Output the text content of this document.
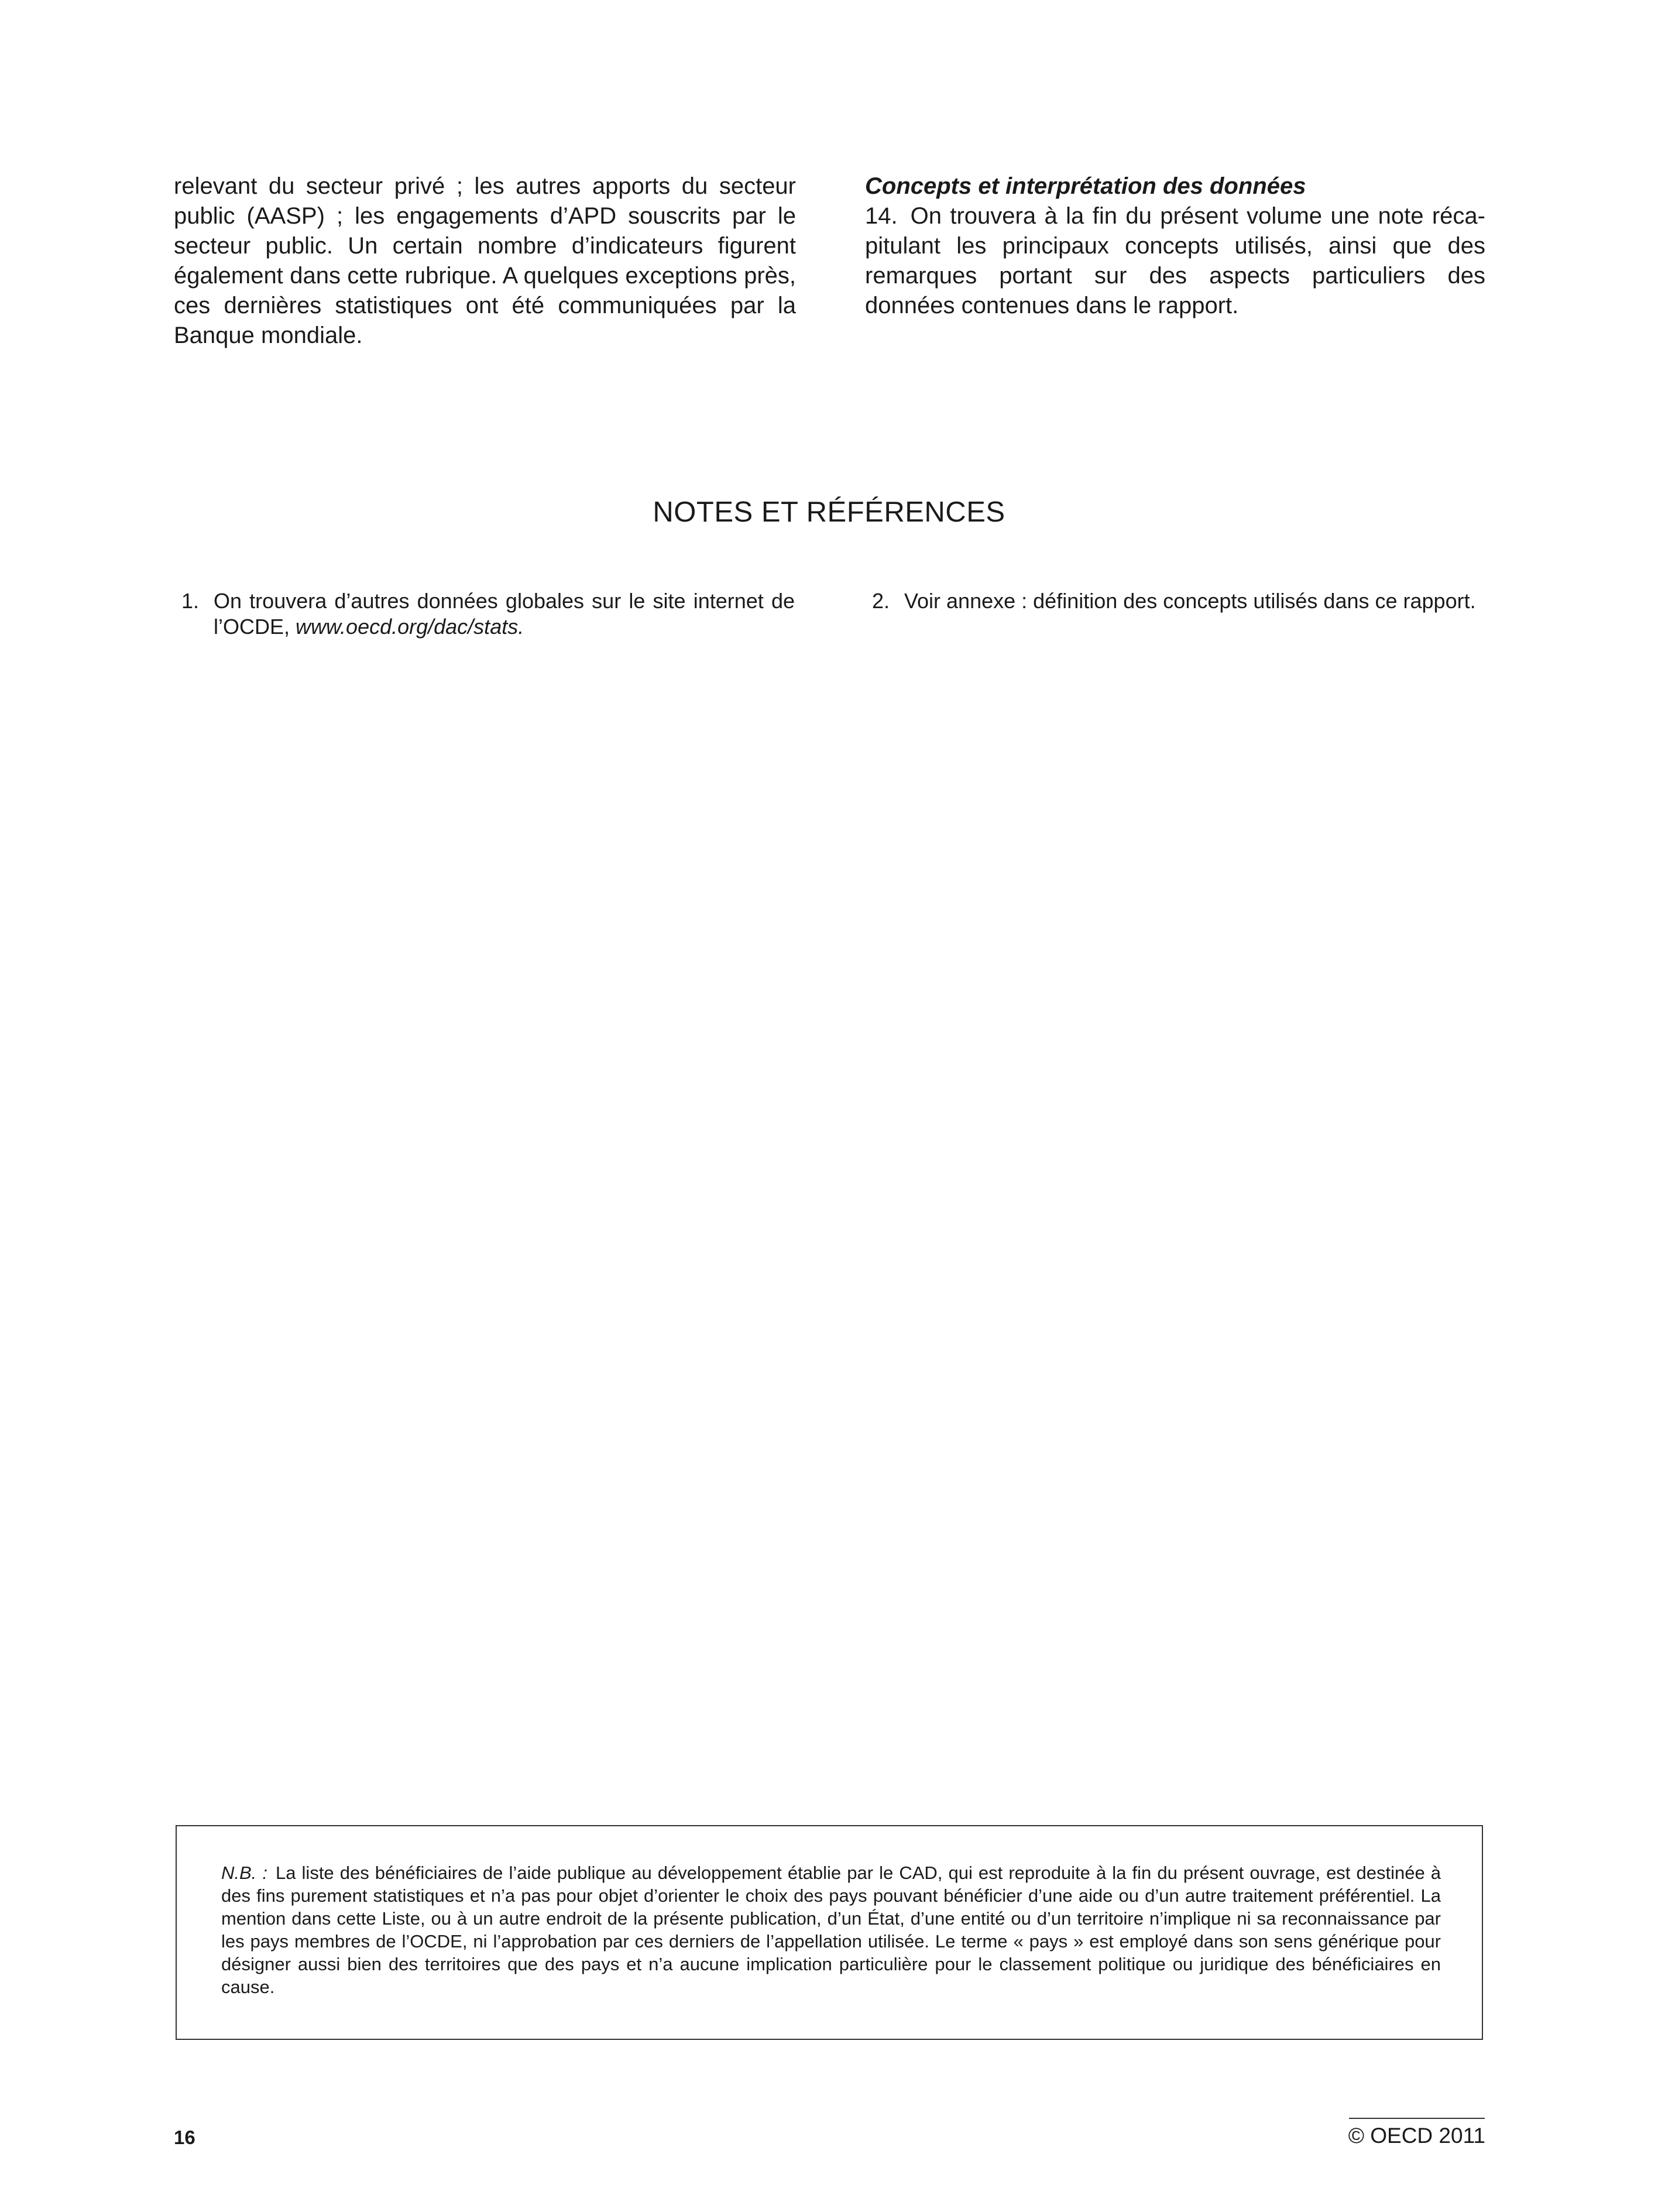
relevant du secteur privé ; les autres apports du secteur public (AASP) ; les engagements d’APD souscrits par le secteur public. Un certain nombre d’indicateurs figurent également dans cette rubrique. A quelques exceptions près, ces dernières statistiques ont été communiquées par la Banque mondiale.

Concepts et interprétation des données

14. On trouvera à la fin du présent volume une note récapitulant les principaux concepts utilisés, ainsi que des remarques portant sur des aspects particuliers des données contenues dans le rapport.

NOTES ET RÉFÉRENCES
1. On trouvera d’autres données globales sur le site internet de l’OCDE, www.oecd.org/dac/stats.
2. Voir annexe : définition des concepts utilisés dans ce rapport.
N.B. : La liste des bénéficiaires de l’aide publique au développement établie par le CAD, qui est reproduite à la fin du présent ouvrage, est destinée à des fins purement statistiques et n’a pas pour objet d’orienter le choix des pays pouvant bénéficier d’une aide ou d’un autre traitement préférentiel. La mention dans cette Liste, ou à un autre endroit de la présente publication, d’un État, d’une entité ou d’un territoire n’implique ni sa reconnaissance par les pays membres de l’OCDE, ni l’approbation par ces derniers de l’appellation utilisée. Le terme « pays » est employé dans son sens générique pour désigner aussi bien des territoires que des pays et n’a aucune implication particulière pour le classement politique ou juridique des bénéficiaires en cause.
16	© OECD 2011
